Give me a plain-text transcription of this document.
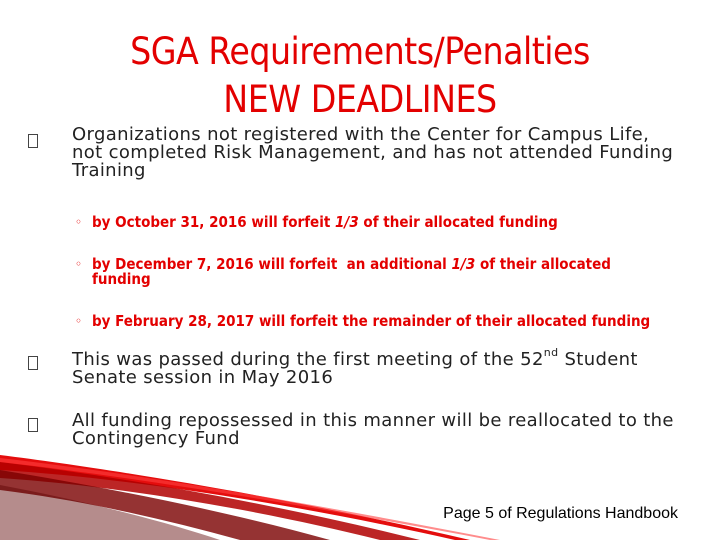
SGA Requirements/Penalties
NEW DEADLINES
Organizations not registered with the Center for Campus Life,
not completed Risk Management, and has not attended Funding
Training
◦ by October 31, 2016 will forfeit 1/3 of their allocated funding
◦ by December 7, 2016 will forfeit  an additional 1/3 of their allocated
funding
◦ by February 28, 2017 will forfeit the remainder of their allocated funding
This was passed during the first meeting of the 52nd Student
Senate session in May 2016
All funding repossessed in this manner will be reallocated to the
Contingency Fund
Page 5 of Regulations Handbook
